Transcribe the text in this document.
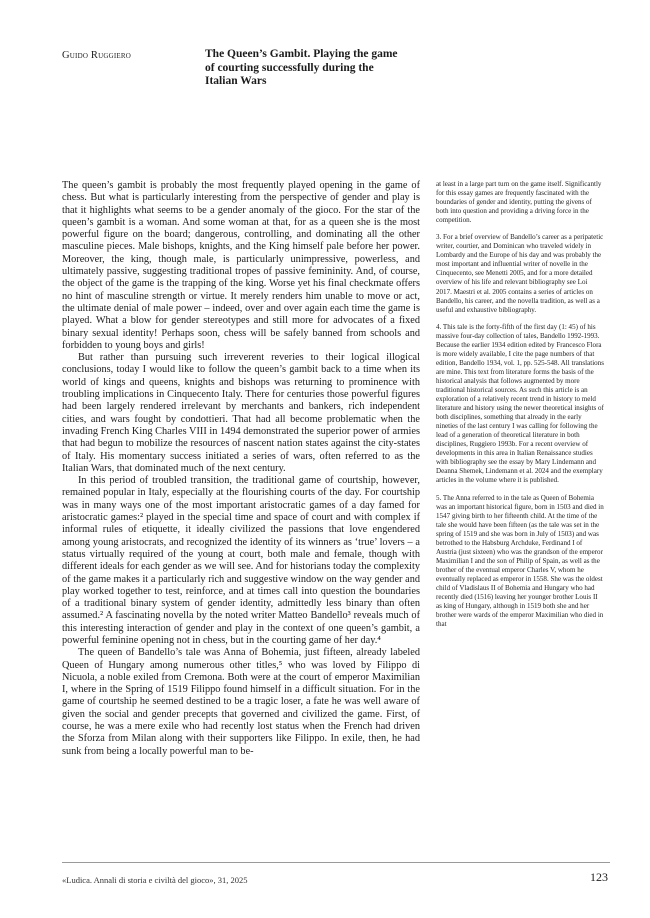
Guido Ruggiero	The Queen’s Gambit. Playing the game of courting successfully during the Italian Wars

The queen’s gambit is probably the most frequently played opening in the game of chess. But what is particularly interesting from the perspective of gender and play is that it highlights what seems to be a gender anomaly of the gioco. For the star of the queen’s gambit is a woman. And some woman at that, for as a queen she is the most powerful figure on the board; dangerous, controlling, and dominating all the other masculine pieces. Male bishops, knights, and the King himself pale before her power. Moreover, the king, though male, is particularly unimpressive, powerless, and ultimately passive, suggesting traditional tropes of passive femininity. And, of course, the object of the game is the trapping of the king. Worse yet his final checkmate offers no hint of masculine strength or virtue. It merely renders him unable to move or act, the ultimate denial of male power – indeed, over and over again each time the game is played. What a blow for gender stereotypes and still more for advocates of a fixed binary sexual identity! Perhaps soon, chess will be safely banned from schools and forbidden to young boys and girls!

But rather than pursuing such irreverent reveries to their logical illogical conclusions, today I would like to follow the queen’s gambit back to a time when its world of kings and queens, knights and bishops was returning to prominence with troubling implications in Cinquecento Italy. There for centuries those powerful figures had been largely rendered irrelevant by merchants and bankers, rich independent cities, and wars fought by condottieri. That had all become problematic when the invading French King Charles VIII in 1494 demonstrated the superior power of armies that had begun to mobilize the resources of nascent nation states against the city-states of Italy. His momentary success initiated a series of wars, often referred to as the Italian Wars, that dominated much of the next century.

In this period of troubled transition, the traditional game of courtship, however, remained popular in Italy, especially at the flourishing courts of the day. For courtship was in many ways one of the most important aristocratic games of a day famed for aristocratic games:² played in the special time and space of court and with complex if informal rules of etiquette, it ideally civilized the passions that love engendered among young aristocrats, and recognized the identity of its winners as ‘true’ lovers – a status virtually required of the young at court, both male and female, though with different ideals for each gender as we will see. And for historians today the complexity of the game makes it a particularly rich and suggestive window on the way gender and play worked together to test, reinforce, and at times call into question the boundaries of a traditional binary system of gender identity, admittedly less binary than often assumed.² A fascinating novella by the noted writer Matteo Bandello³ reveals much of this interesting interaction of gender and play in the context of one queen’s gambit, a powerful feminine opening not in chess, but in the courting game of her day.⁴

The queen of Bandello’s tale was Anna of Bohemia, just fifteen, already labeled Queen of Hungary among numerous other titles,⁵ who was loved by Filippo di Nicuola, a noble exiled from Cremona. Both were at the court of emperor Maximilian I, where in the Spring of 1519 Filippo found himself in a difficult situation. For in the game of courtship he seemed destined to be a tragic loser, a fate he was well aware of given the social and gender precepts that governed and civilized the game. First, of course, he was a mere exile who had recently lost status when the French had driven the Sforza from Milan along with their supporters like Filippo. In exile, then, he had sunk from being a locally powerful man to be-

at least in a large part turn on the game itself. Significantly for this essay games are frequently fascinated with the boundaries of gender and identity, putting the givens of both into question and providing a driving force in the competition.

3. For a brief overview of Bandello’s career as a peripatetic writer, courtier, and Dominican who traveled widely in Lombardy and the Europe of his day and was probably the most important and influential writer of novelle in the Cinquecento, see Menetti 2005, and for a more detailed overview of his life and relevant bibliography see Loi 2017. Maestri et al. 2005 contains a series of articles on Bandello, his career, and the novella tradition, as well as a useful and exhaustive bibliography.

4. This tale is the forty-fifth of the first day (1: 45) of his massive four-day collection of tales, Bandello 1992-1993. Because the earlier 1934 edition edited by Francesco Flora is more widely available, I cite the page numbers of that edition, Bandello 1934, vol. 1, pp. 525-548. All translations are mine. This text from literature forms the basis of the historical analysis that follows augmented by more traditional historical sources. As such this article is an exploration of a relatively recent trend in history to meld literature and history using the newer theoretical insights of both disciplines, something that already in the early nineties of the last century I was calling for following the lead of a generation of theoretical literature in both disciplines, Ruggiero 1993b. For a recent overview of developments in this area in Italian Renaissance studies with bibliography see the essay by Mary Lindemann and Deanna Shemek, Lindemann et al. 2024 and the exemplary articles in the volume where it is published.

5. The Anna referred to in the tale as Queen of Bohemia was an important historical figure, born in 1503 and died in 1547 giving birth to her fifteenth child. At the time of the tale she would have been fifteen (as the tale was set in the spring of 1519 and she was born in July of 1503) and was betrothed to the Habsburg Archduke, Ferdinand I of Austria (just sixteen) who was the grandson of the emperor Maximilian I and the son of Philip of Spain, as well as the brother of the eventual emperor Charles V, whom he eventually replaced as emperor in 1558. She was the oldest child of Vladislaus II of Bohemia and Hungary who had recently died (1516) leaving her younger brother Louis II as king of Hungary, although in 1519 both she and her brother were wards of the emperor Maximilian who died in that

«Ludica. Annali di storia e civiltà del gioco», 31, 2025	123
